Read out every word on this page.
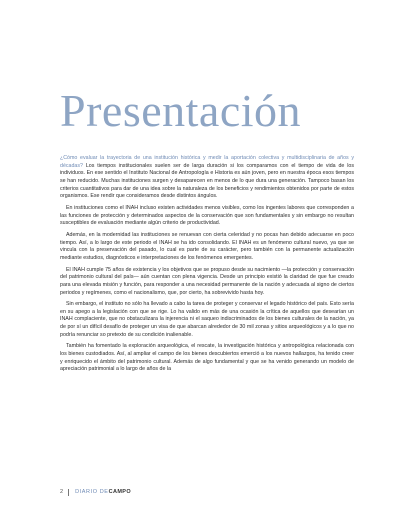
Presentación

¿Cómo evaluar la trayectoria de una institución histórica y medir la aportación colectiva y multidisciplinaria de años y décadas? Los tiempos institucionales suelen ser de larga duración si los comparamos con el tiempo de vida de los individuos. En ese sentido el Instituto Nacional de Antropología e Historia es aún joven, pero en nuestra época esos tiempos se han reducido. Muchas instituciones surgen y desaparecen en menos de lo que dura una generación. Tampoco basan los criterios cuantitativos para dar de una idea sobre la naturaleza de los beneficios y rendimientos obtenidos por parte de estos organismos. Ese rendir que consideramos desde distintos ángulos.

En instituciones como el INAH incluso existen actividades menos visibles, como los ingentes labores que corresponden a las funciones de protección y determinados aspectos de la conservación que son fundamentales y sin embargo no resultan susceptibles de evaluación mediante algún criterio de productividad.

Además, en la modernidad las instituciones se renuevan con cierta celeridad y no pocas han debido adecuarse en poco tiempo. Así, a lo largo de este periodo el INAH se ha ido consolidando. El INAH es un fenómeno cultural nuevo, ya que se vincula con la preservación del pasado, lo cual es parte de su carácter, pero también con la permanente actualización mediante estudios, diagnósticos e interpretaciones de los fenómenos emergentes.

El INAH cumple 75 años de existencia y los objetivos que se propuso desde su nacimiento —la protección y conservación del patrimonio cultural del país— aún cuentan con plena vigencia. Desde un principio existió la claridad de que fue creado para una elevada misión y función, para responder a una necesidad permanente de la nación y adecuada al signo de ciertos periodos y regímenes, como el nacionalismo, que, por cierto, ha sobrevivido hasta hoy.

Sin embargo, el instituto no sólo ha llevado a cabo la tarea de proteger y conservar el legado histórico del país. Esto sería en su apego a la legislación con que se rige. Lo ha valido en más de una ocasión la crítica de aquellos que desearían un INAH complaciente, que no obstaculizara la injerencia ni el saqueo indiscriminados de los bienes culturales de la nación, ya de por sí un difícil desafío de proteger un visa de que abarcan alrededor de 30 mil zonas y sitios arqueológicos y a lo que no podría renunciar so pretexto de su condición inalienable.

También ha fomentado la exploración arqueológica, el rescate, la investigación histórica y antropológica relacionada con los bienes custodiados. Así, al ampliar el campo de los bienes descubiertos emerció a los nuevos hallazgos, ha tenido creer y enriquecido el ámbito del patrimonio cultural. Además de algo fundamental y que se ha venido generando un modelo de apreciación patrimonial a lo largo de años de la

2 DIARIO DE CAMPO
